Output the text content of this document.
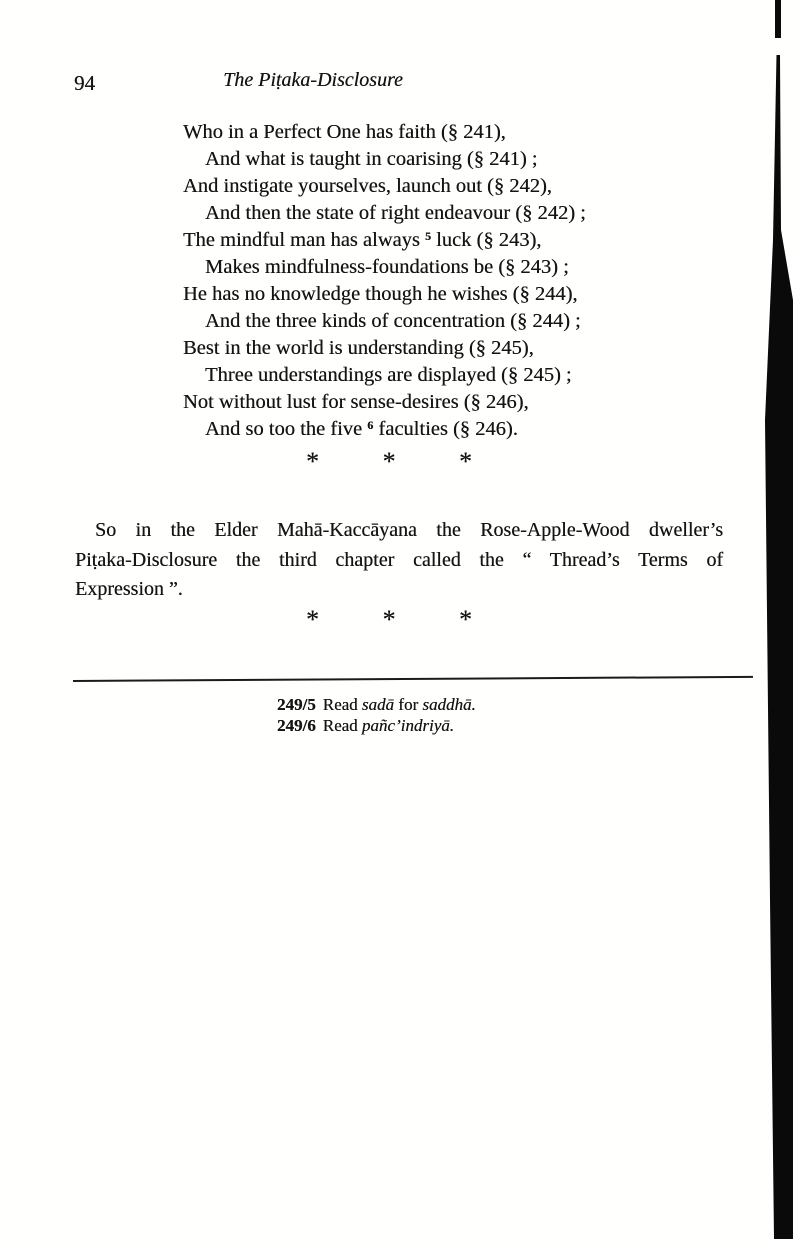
94	The Piṭaka-Disclosure
Who in a Perfect One has faith (§ 241),
And what is taught in coarising (§ 241) ;
And instigate yourselves, launch out (§ 242),
And then the state of right endeavour (§ 242) ;
The mindful man has always $^5$ luck (§ 243),
Makes mindfulness-foundations be (§ 243) ;
He has no knowledge though he wishes (§ 244),
And the three kinds of concentration (§ 244) ;
Best in the world is understanding (§ 245),
Three understandings are displayed (§ 245) ;
Not without lust for sense-desires (§ 246),
And so too the five $^6$ faculties (§ 246).
* * *
So in the Elder Mahā-Kaccāyana the Rose-Apple-Wood dweller’s
Piṭaka-Disclosure the third chapter called the “ Thread’s Terms of
Expression ”.
* * *
249/5 Read sadā for saddhā.
249/6 Read pañc’indriyā.
